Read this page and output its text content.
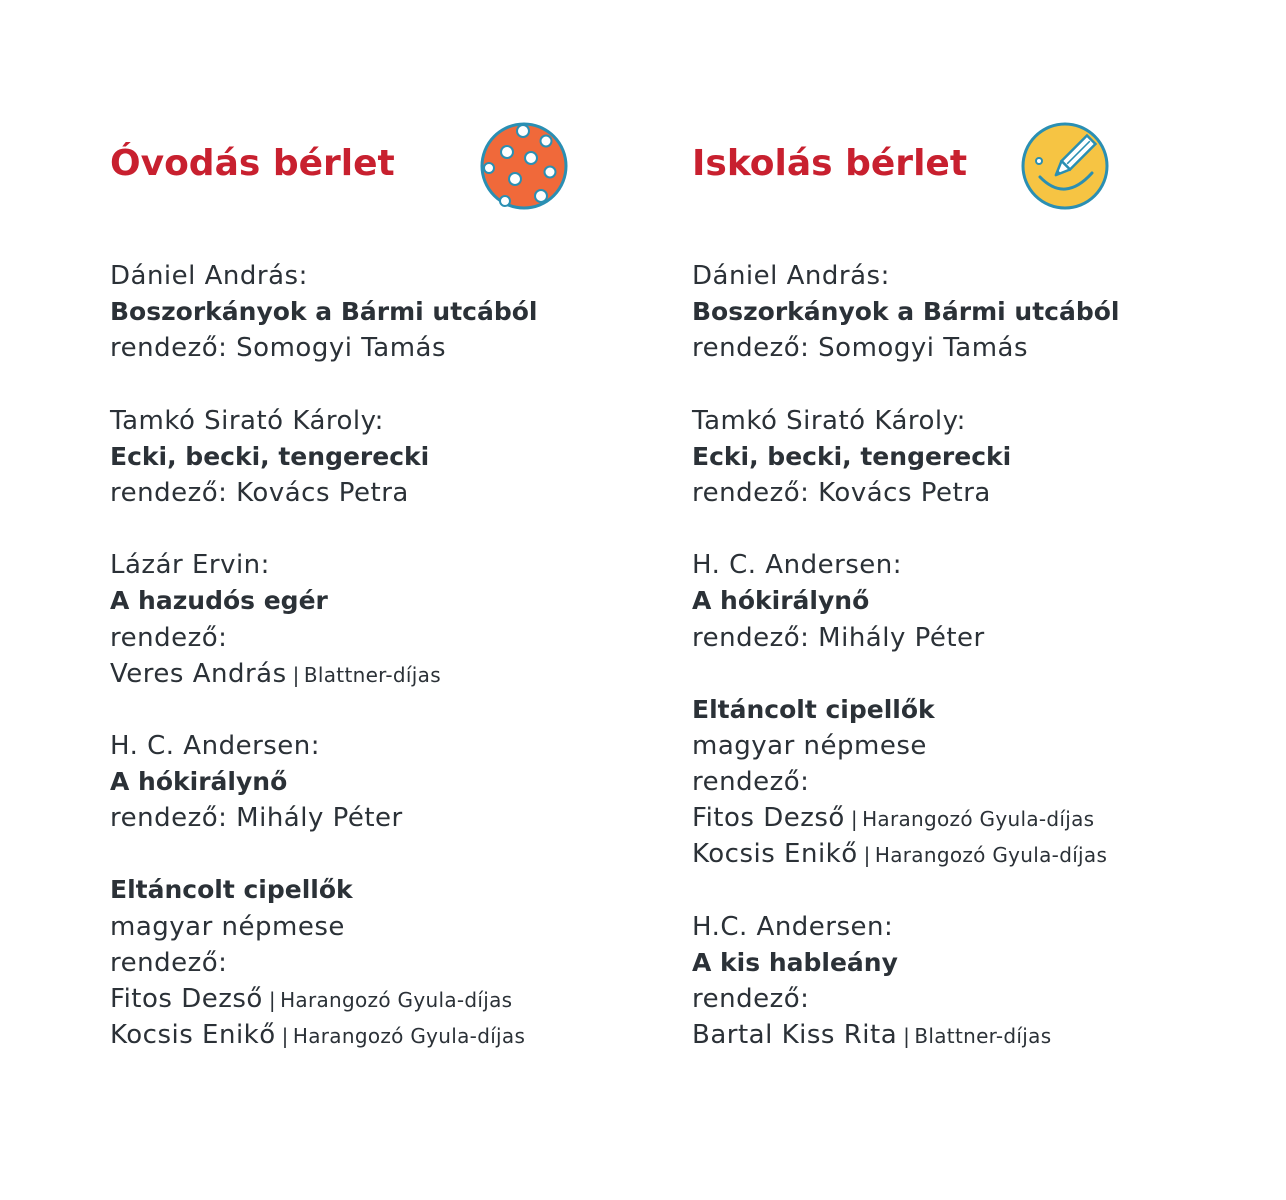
Óvodás bérlet
Dániel András:
Boszorkányok a Bármi utcából
rendező: Somogyi Tamás
Tamkó Sirató Károly:
Ecki, becki, tengerecki
rendező: Kovács Petra
Lázár Ervin:
A hazudós egér
rendező:
Veres András | Blattner-díjas
H. C. Andersen:
A hókirálynő
rendező: Mihály Péter
Eltáncolt cipellők
magyar népmese
rendező:
Fitos Dezső | Harangozó Gyula-díjas
Kocsis Enikő | Harangozó Gyula-díjas
Iskolás bérlet
Dániel András:
Boszorkányok a Bármi utcából
rendező: Somogyi Tamás
Tamkó Sirató Károly:
Ecki, becki, tengerecki
rendező: Kovács Petra
H. C. Andersen:
A hókirálynő
rendező: Mihály Péter
Eltáncolt cipellők
magyar népmese
rendező:
Fitos Dezső | Harangozó Gyula-díjas
Kocsis Enikő | Harangozó Gyula-díjas
H.C. Andersen:
A kis hableány
rendező:
Bartal Kiss Rita | Blattner-díjas
